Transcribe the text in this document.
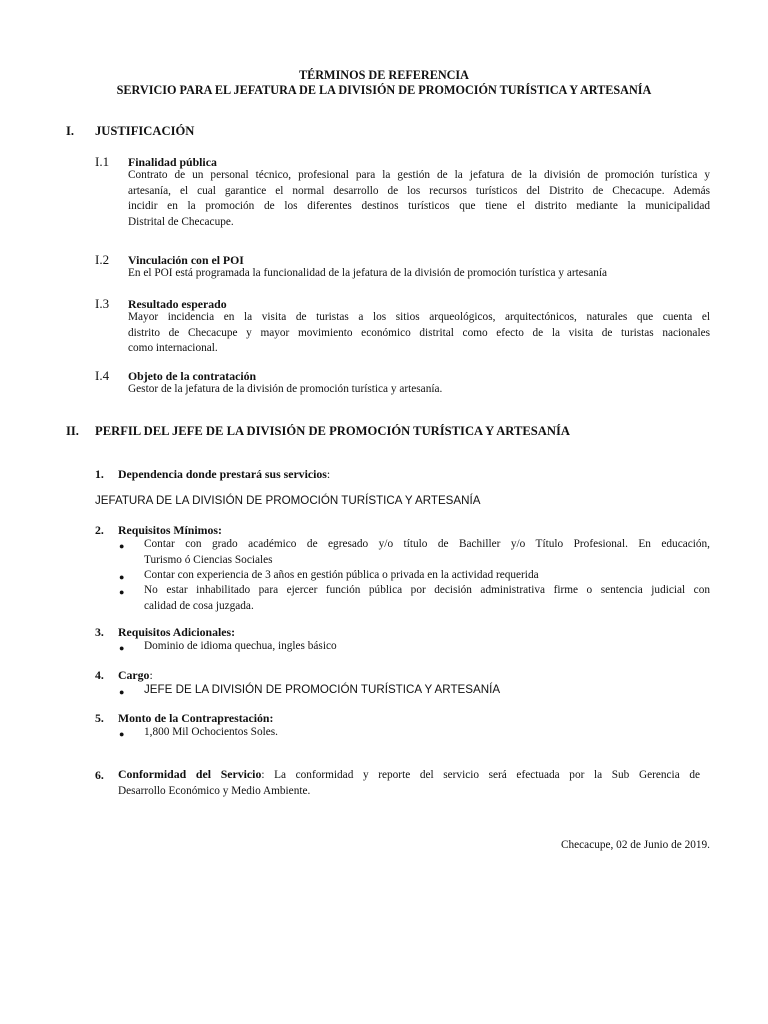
TÉRMINOS DE REFERENCIA
SERVICIO PARA EL JEFATURA DE LA DIVISIÓN DE PROMOCIÓN TURÍSTICA Y ARTESANÍA
I. JUSTIFICACIÓN
I.1 Finalidad pública
Contrato de un personal técnico, profesional para la gestión de la jefatura de la división de promoción turística y
artesanía, el cual garantice el normal desarrollo de los recursos turísticos del Distrito de Checacupe. Además
incidir en la promoción de los diferentes destinos turísticos que tiene el distrito mediante la municipalidad
Distrital de Checacupe.
I.2 Vinculación con el POI
En el POI está programada la funcionalidad de la jefatura de la división de promoción turística y artesanía
I.3 Resultado esperado
Mayor incidencia en la visita de turistas a los sitios arqueológicos, arquitectónicos, naturales que cuenta el
distrito de Checacupe y mayor movimiento económico distrital como efecto de la visita de turistas nacionales
como internacional.
I.4 Objeto de la contratación
Gestor de la jefatura de la división de promoción turística y artesanía.
II. PERFIL DEL JEFE DE LA DIVISIÓN DE PROMOCIÓN TURÍSTICA Y ARTESANÍA
1. Dependencia donde prestará sus servicios:
JEFATURA DE LA DIVISIÓN DE PROMOCIÓN TURÍSTICA Y ARTESANÍA
2. Requisitos Mínimos:
● Contar con grado académico de egresado y/o título de Bachiller y/o Título Profesional. En educación,
Turismo ó Ciencias Sociales
● Contar con experiencia de 3 años en gestión pública o privada en la actividad requerida
● No estar inhabilitado para ejercer función pública por decisión administrativa firme o sentencia judicial con
calidad de cosa juzgada.
3. Requisitos Adicionales:
● Dominio de idioma quechua, ingles básico
4. Cargo:
● JEFE DE LA DIVISIÓN DE PROMOCIÓN TURÍSTICA Y ARTESANÍA
5. Monto de la Contraprestación:
● 1,800 Mil Ochocientos Soles.
6. Conformidad del Servicio: La conformidad y reporte del servicio será efectuada por la Sub Gerencia de
Desarrollo Económico y Medio Ambiente.
Checacupe, 02 de Junio de 2019.
